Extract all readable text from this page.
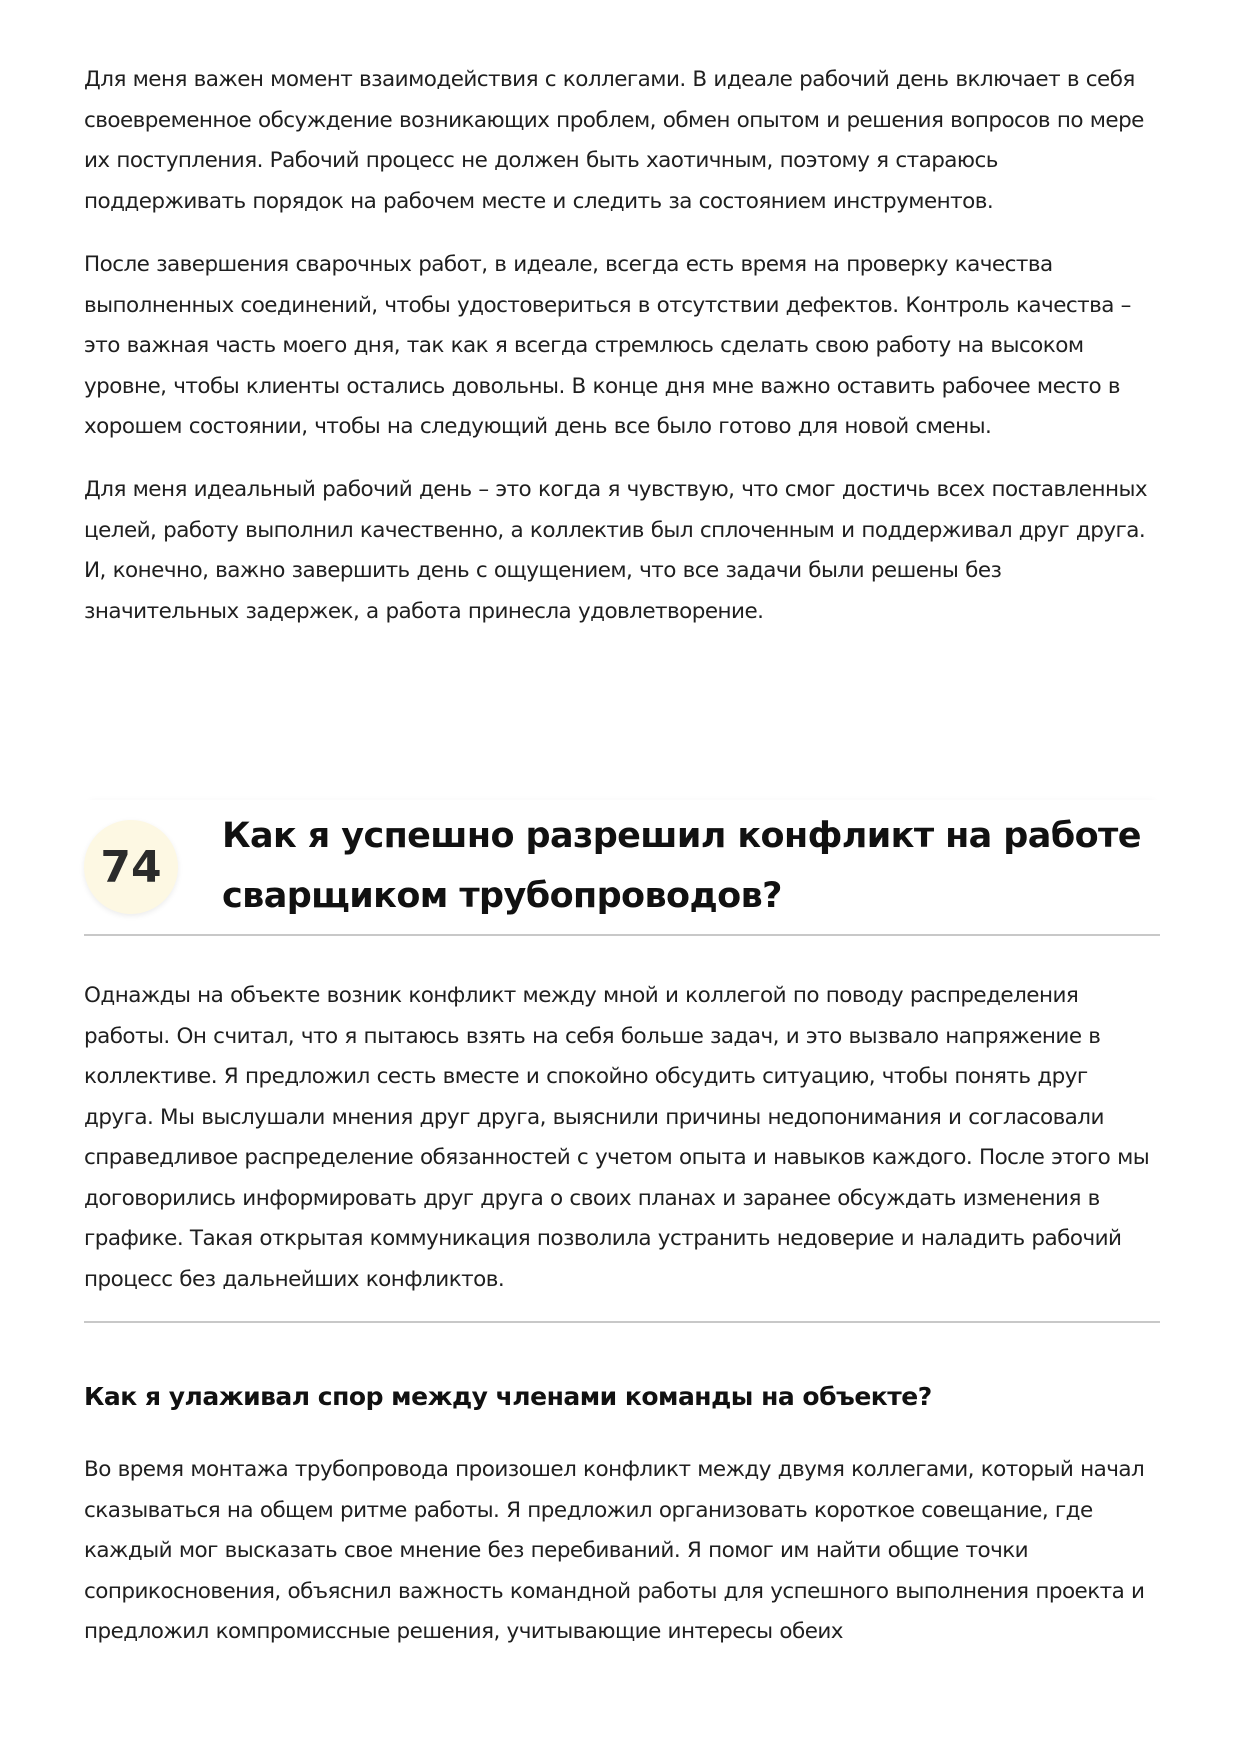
Для меня важен момент взаимодействия с коллегами. В идеале рабочий день включает в себя своевременное обсуждение возникающих проблем, обмен опытом и решения вопросов по мере их поступления. Рабочий процесс не должен быть хаотичным, поэтому я стараюсь поддерживать порядок на рабочем месте и следить за состоянием инструментов.

После завершения сварочных работ, в идеале, всегда есть время на проверку качества выполненных соединений, чтобы удостовериться в отсутствии дефектов. Контроль качества – это важная часть моего дня, так как я всегда стремлюсь сделать свою работу на высоком уровне, чтобы клиенты остались довольны. В конце дня мне важно оставить рабочее место в хорошем состоянии, чтобы на следующий день все было готово для новой смены.

Для меня идеальный рабочий день – это когда я чувствую, что смог достичь всех поставленных целей, работу выполнил качественно, а коллектив был сплоченным и поддерживал друг друга. И, конечно, важно завершить день с ощущением, что все задачи были решены без значительных задержек, а работа принесла удовлетворение.

74
Как я успешно разрешил конфликт на работе сварщиком трубопроводов?

Однажды на объекте возник конфликт между мной и коллегой по поводу распределения работы. Он считал, что я пытаюсь взять на себя больше задач, и это вызвало напряжение в коллективе. Я предложил сесть вместе и спокойно обсудить ситуацию, чтобы понять друг друга. Мы выслушали мнения друг друга, выяснили причины недопонимания и согласовали справедливое распределение обязанностей с учетом опыта и навыков каждого. После этого мы договорились информировать друг друга о своих планах и заранее обсуждать изменения в графике. Такая открытая коммуникация позволила устранить недоверие и наладить рабочий процесс без дальнейших конфликтов.

Как я улаживал спор между членами команды на объекте?

Во время монтажа трубопровода произошел конфликт между двумя коллегами, который начал сказываться на общем ритме работы. Я предложил организовать короткое совещание, где каждый мог высказать свое мнение без перебиваний. Я помог им найти общие точки соприкосновения, объяснил важность командной работы для успешного выполнения проекта и предложил компромиссные решения, учитывающие интересы обеих
